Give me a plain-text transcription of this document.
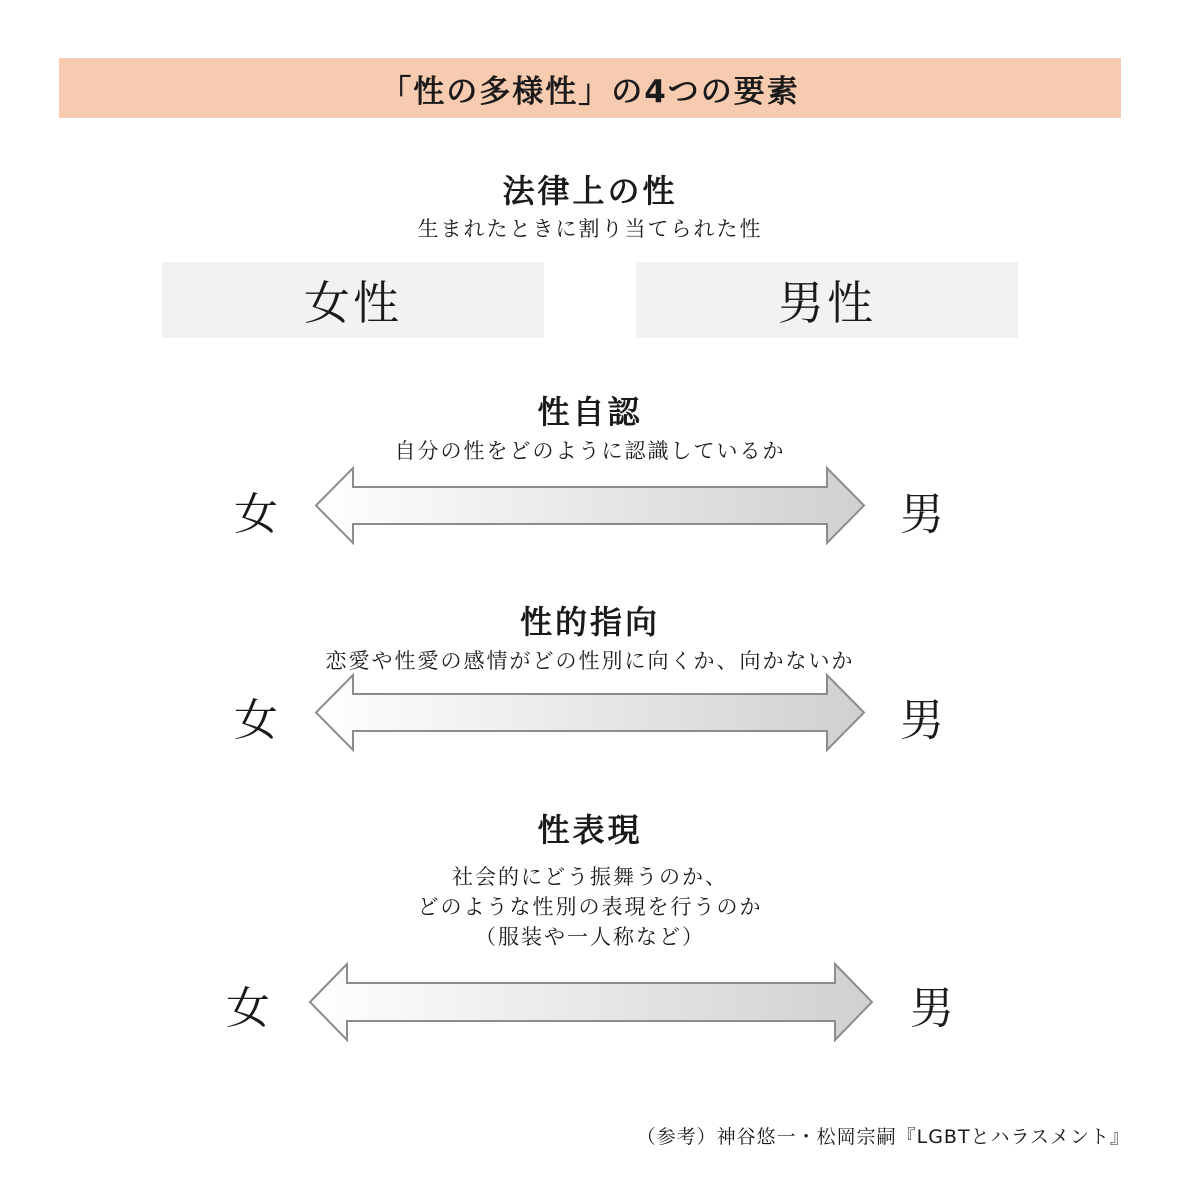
「性の多様性」の4つの要素
法律上の性
生まれたときに割り当てられた性
女性	男性
性自認
自分の性をどのように認識しているか
女	男
性的指向
恋愛や性愛の感情がどの性別に向くか、向かないか
女	男
性表現
社会的にどう振舞うのか、
どのような性別の表現を行うのか
（服装や一人称など）
女	男
（参考）神谷悠一・松岡宗嗣『LGBTとハラスメント』
